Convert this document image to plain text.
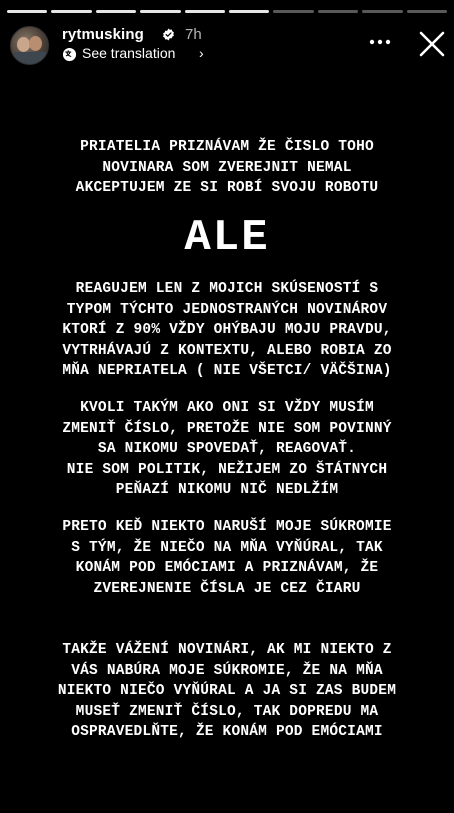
rytmusking	7h
See translation ›
PRIATELIA PRIZNÁVAM ŽE ČISLO TOHO
NOVINARA SOM ZVEREJNIT NEMAL
AKCEPTUJEM ZE SI ROBÍ SVOJU ROBOTU
ALE
REAGUJEM LEN Z MOJICH SKÚSENOSTÍ S
TYPOM TÝCHTO JEDNOSTRANÝCH NOVINÁROV
KTORÍ Z 90% VŽDY OHÝBAJU MOJU PRAVDU,
VYTRHÁVAJÚ Z KONTEXTU, ALEBO ROBIA ZO
MŇA NEPRIATELA ( NIE VŠETCI/ VÄČŠINA)
KVOLI TAKÝM AKO ONI SI VŽDY MUSÍM
ZMENIŤ ČÍSLO, PRETOŽE NIE SOM POVINNÝ
SA NIKOMU SPOVEDAŤ, REAGOVAŤ.
NIE SOM POLITIK, NEŽIJEM ZO ŠTÁTNYCH
PEŇAZÍ NIKOMU NIČ NEDLŽÍM
PRETO KEĎ NIEKTO NARUŠÍ MOJE SÚKROMIE
S TÝM, ŽE NIEČO NA MŇA VYŇÚRAL, TAK
KONÁM POD EMÓCIAMI A PRIZNÁVAM, ŽE
ZVEREJNENIE ČÍSLA JE CEZ ČIARU
TAKŽE VÁŽENÍ NOVINÁRI, AK MI NIEKTO Z
VÁS NABÚRA MOJE SÚKROMIE, ŽE NA MŇA
NIEKTO NIEČO VYŇÚRAL A JA SI ZAS BUDEM
MUSEŤ ZMENIŤ ČÍSLO, TAK DOPREDU MA
OSPRAVEDLŇTE, ŽE KONÁM POD EMÓCIAMI
